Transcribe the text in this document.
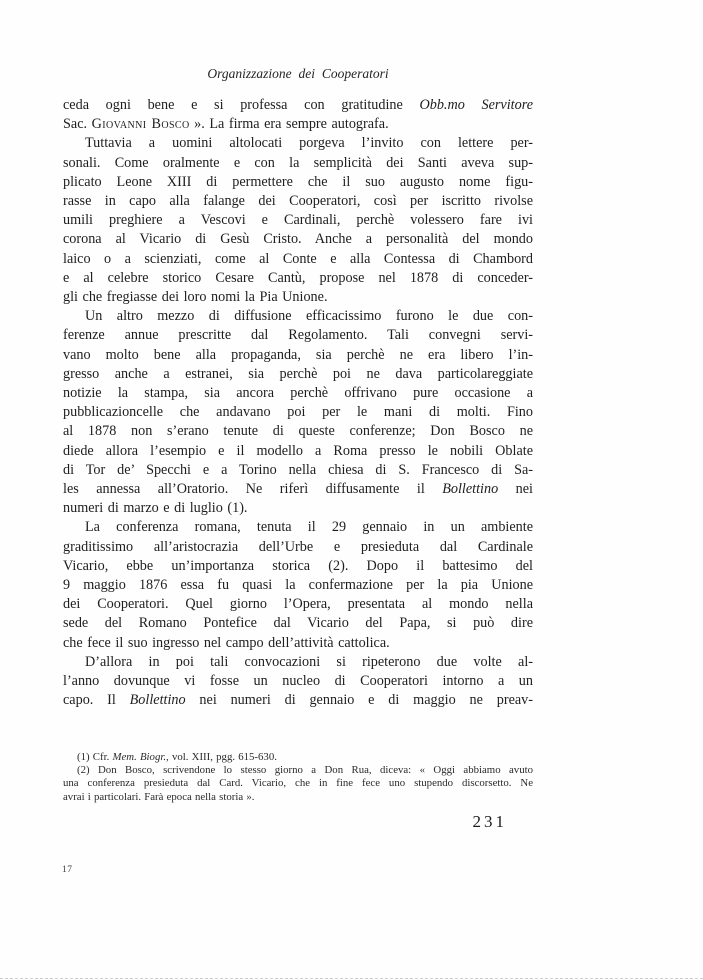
Organizzazione dei Cooperatori
ceda ogni bene e si professa con gratitudine Obb.mo Servitore
Sac. Giovanni Bosco ». La firma era sempre autografa.
Tuttavia a uomini altolocati porgeva l’invito con lettere per-
sonali. Come oralmente e con la semplicità dei Santi aveva sup-
plicato Leone XIII di permettere che il suo augusto nome figu-
rasse in capo alla falange dei Cooperatori, così per iscritto rivolse
umili preghiere a Vescovi e Cardinali, perchè volessero fare ivi
corona al Vicario di Gesù Cristo. Anche a personalità del mondo
laico o a scienziati, come al Conte e alla Contessa di Chambord
e al celebre storico Cesare Cantù, propose nel 1878 di conceder-
gli che fregiasse dei loro nomi la Pia Unione.
Un altro mezzo di diffusione efficacissimo furono le due con-
ferenze annue prescritte dal Regolamento. Tali convegni servi-
vano molto bene alla propaganda, sia perchè ne era libero l’in-
gresso anche a estranei, sia perchè poi ne dava particolareggiate
notizie la stampa, sia ancora perchè offrivano pure occasione a
pubblicazioncelle che andavano poi per le mani di molti. Fino
al 1878 non s’erano tenute di queste conferenze; Don Bosco ne
diede allora l’esempio e il modello a Roma presso le nobili Oblate
di Tor de’ Specchi e a Torino nella chiesa di S. Francesco di Sa-
les annessa all’Oratorio. Ne riferì diffusamente il Bollettino nei
numeri di marzo e di luglio (1).
La conferenza romana, tenuta il 29 gennaio in un ambiente
graditissimo all’aristocrazia dell’Urbe e presieduta dal Cardinale
Vicario, ebbe un’importanza storica (2). Dopo il battesimo del
9 maggio 1876 essa fu quasi la confermazione per la pia Unione
dei Cooperatori. Quel giorno l’Opera, presentata al mondo nella
sede del Romano Pontefice dal Vicario del Papa, si può dire
che fece il suo ingresso nel campo dell’attività cattolica.
D’allora in poi tali convocazioni si ripeterono due volte al-
l’anno dovunque vi fosse un nucleo di Cooperatori intorno a un
capo. Il Bollettino nei numeri di gennaio e di maggio ne preav-
(1) Cfr. Mem. Biogr., vol. XIII, pgg. 615-630.
(2) Don Bosco, scrivendone lo stesso giorno a Don Rua, diceva: « Oggi abbiamo avuto
una conferenza presieduta dal Card. Vicario, che in fine fece uno stupendo discorsetto. Ne
avrai i particolari. Farà epoca nella storia ».
231
17
